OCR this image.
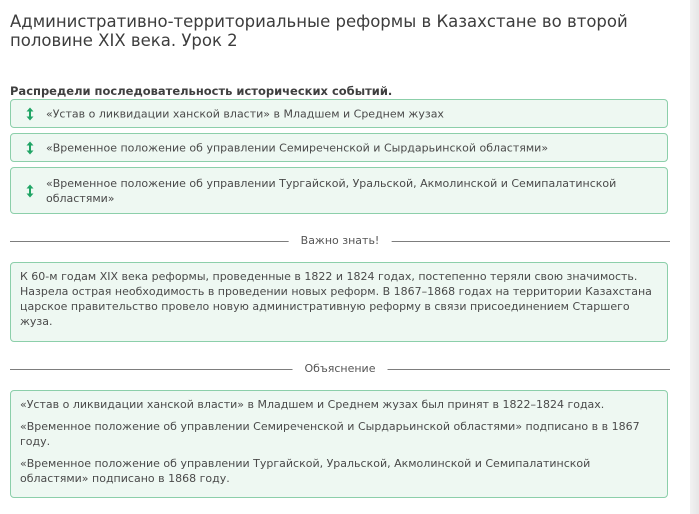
Административно-территориальные реформы в Казахстане во второй половине XIX века. Урок 2
Распредели последовательность исторических событий.
«Устав о ликвидации ханской власти» в Младшем и Среднем жузах
«Временное положение об управлении Семиреченской и Сырдарьинской областями»
«Временное положение об управлении Тургайской, Уральской, Акмолинской и Семипалатинской областями»
Важно знать!

К 60-м годам XIX века реформы, проведенные в 1822 и 1824 годах, постепенно теряли свою значимость. Назрела острая необходимость в проведении новых реформ. В 1867–1868 годах на территории Казахстана царское правительство провело новую административную реформу в связи присоединением Старшего жуза.

Объяснение

«Устав о ликвидации ханской власти» в Младшем и Среднем жузах был принят в 1822–1824 годах.

«Временное положение об управлении Семиреченской и Сырдарьинской областями» подписано в в 1867 году.

«Временное положение об управлении Тургайской, Уральской, Акмолинской и Семипалатинской областями» подписано в 1868 году.
